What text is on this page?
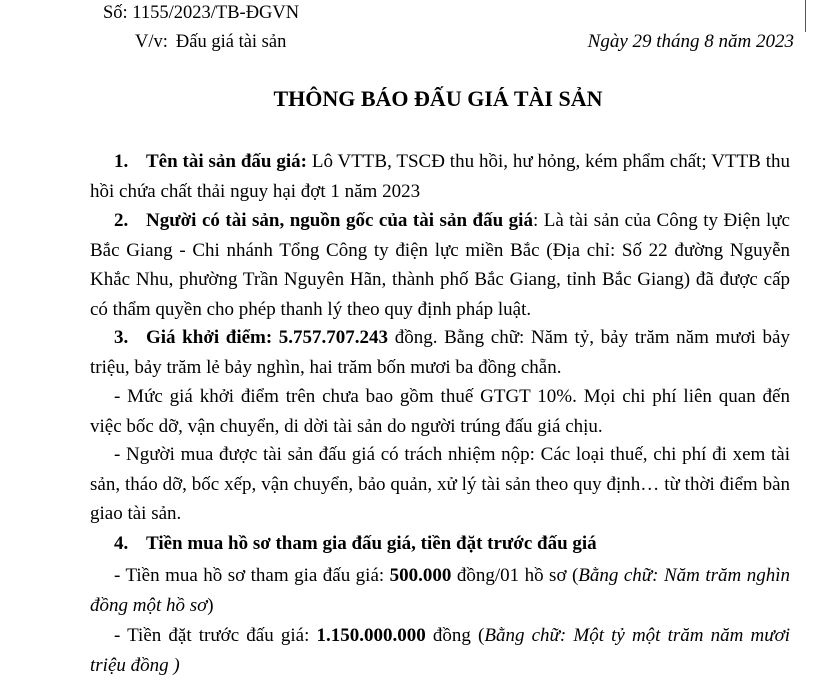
Số: 1155/2023/TB-ĐGVN
V/v: Đấu giá tài sản	Ngày 29 tháng 8 năm 2023
THÔNG BÁO ĐẤU GIÁ TÀI SẢN
1. Tên tài sản đấu giá: Lô VTTB, TSCĐ thu hồi, hư hỏng, kém phẩm chất; VTTB thu hồi chứa chất thải nguy hại đợt 1 năm 2023
2. Người có tài sản, nguồn gốc của tài sản đấu giá: Là tài sản của Công ty Điện lực Bắc Giang - Chi nhánh Tổng Công ty điện lực miền Bắc (Địa chỉ: Số 22 đường Nguyễn Khắc Nhu, phường Trần Nguyên Hãn, thành phố Bắc Giang, tỉnh Bắc Giang) đã được cấp có thẩm quyền cho phép thanh lý theo quy định pháp luật.
3. Giá khởi điểm: 5.757.707.243 đồng. Bằng chữ: Năm tỷ, bảy trăm năm mươi bảy triệu, bảy trăm lẻ bảy nghìn, hai trăm bốn mươi ba đồng chẵn.
- Mức giá khởi điểm trên chưa bao gồm thuế GTGT 10%. Mọi chi phí liên quan đến việc bốc dỡ, vận chuyển, di dời tài sản do người trúng đấu giá chịu.
- Người mua được tài sản đấu giá có trách nhiệm nộp: Các loại thuế, chi phí đi xem tài sản, tháo dỡ, bốc xếp, vận chuyển, bảo quản, xử lý tài sản theo quy định… từ thời điểm bàn giao tài sản.
4. Tiền mua hồ sơ tham gia đấu giá, tiền đặt trước đấu giá
- Tiền mua hồ sơ tham gia đấu giá: 500.000 đồng/01 hồ sơ (Bằng chữ: Năm trăm nghìn đồng một hồ sơ)
- Tiền đặt trước đấu giá: 1.150.000.000 đồng (Bằng chữ: Một tỷ một trăm năm mươi triệu đồng )
